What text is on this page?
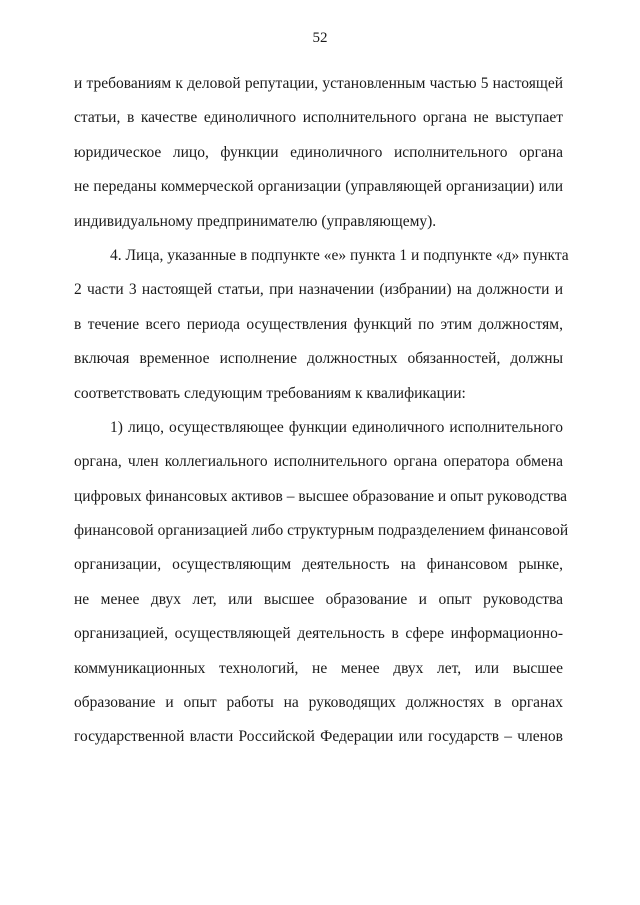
52
и требованиям к деловой репутации, установленным частью 5 настоящей
статьи, в качестве единоличного исполнительного органа не выступает
юридическое лицо, функции единоличного исполнительного органа
не переданы коммерческой организации (управляющей организации) или
индивидуальному предпринимателю (управляющему).
4. Лица, указанные в подпункте «е» пункта 1 и подпункте «д» пункта
2 части 3 настоящей статьи, при назначении (избрании) на должности и
в течение всего периода осуществления функций по этим должностям,
включая временное исполнение должностных обязанностей, должны
соответствовать следующим требованиям к квалификации:
1) лицо, осуществляющее функции единоличного исполнительного
органа, член коллегиального исполнительного органа оператора обмена
цифровых финансовых активов – высшее образование и опыт руководства
финансовой организацией либо структурным подразделением финансовой
организации, осуществляющим деятельность на финансовом рынке,
не менее двух лет, или высшее образование и опыт руководства
организацией, осуществляющей деятельность в сфере информационно-
коммуникационных технологий, не менее двух лет, или высшее
образование и опыт работы на руководящих должностях в органах
государственной власти Российской Федерации или государств – членов
